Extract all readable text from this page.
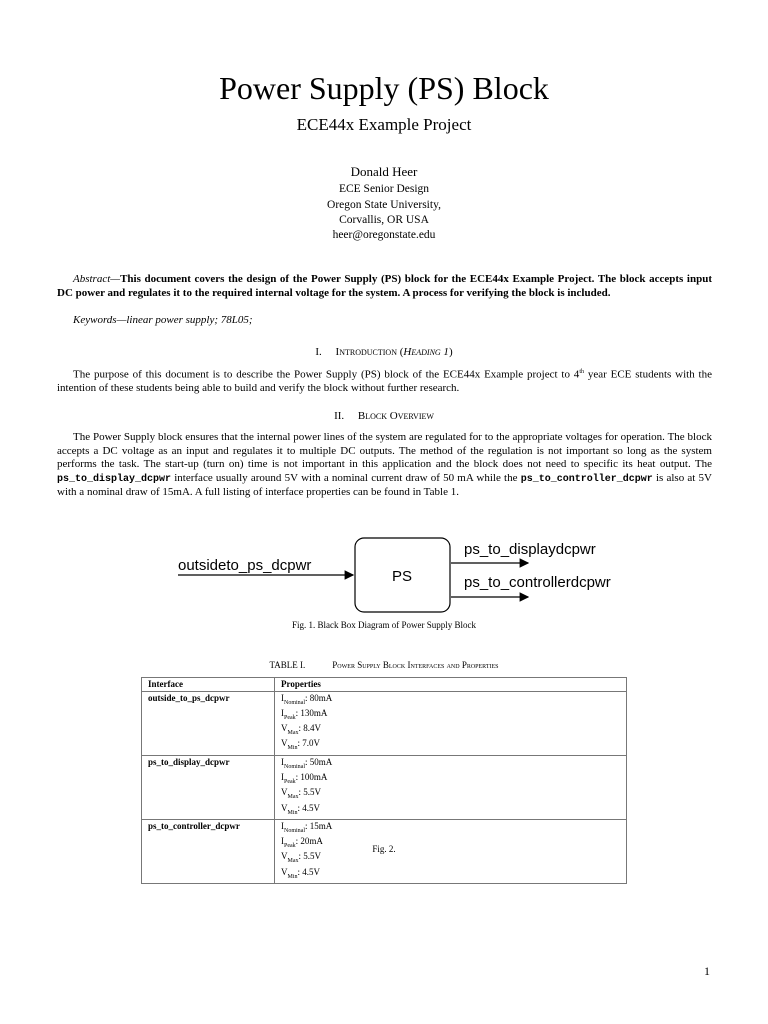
Power Supply (PS) Block
ECE44x Example Project
Donald Heer
ECE Senior Design
Oregon State University,
Corvallis, OR USA
heer@oregonstate.edu
Abstract—This document covers the design of the Power Supply (PS) block for the ECE44x Example Project. The block accepts input DC power and regulates it to the required internal voltage for the system. A process for verifying the block is included.
Keywords—linear power supply; 78L05;
I. Introduction (Heading 1)
The purpose of this document is to describe the Power Supply (PS) block of the ECE44x Example project to 4th year ECE students with the intention of these students being able to build and verify the block without further research.
II. Block Overview
The Power Supply block ensures that the internal power lines of the system are regulated for to the appropriate voltages for operation. The block accepts a DC voltage as an input and regulates it to multiple DC outputs. The method of the regulation is not important so long as the system performs the task. The start-up (turn on) time is not important in this application and the block does not need to specific its heat output. The ps_to_display_dcpwr interface usually around 5V with a nominal current draw of 50 mA while the ps_to_controller_dcpwr is also at 5V with a nominal draw of 15mA. A full listing of interface properties can be found in Table 1.
outsideto_ps_dcpwr
PS
ps_to_displaydcpwr
ps_to_controllerdcpwr
Fig. 1. Black Box Diagram of Power Supply Block
TABLE I.	Power Supply Block Interfaces and Properties
Interface	Properties
outside_to_ps_dcpwr	$I_{Nominal}$: 80mA
$I_{Peak}$: 130mA
$V_{Max}$: 8.4V
$V_{Min}$: 7.0V

ps_to_display_dcpwr	$I_{Nominal}$: 50mA
$I_{Peak}$: 100mA
$V_{Max}$: 5.5V
$V_{Min}$: 4.5V

ps_to_controller_dcpwr	$I_{Nominal}$: 15mA
$I_{Peak}$: 20mA
$V_{Max}$: 5.5V
$V_{Min}$: 4.5V
Fig. 2.
1
